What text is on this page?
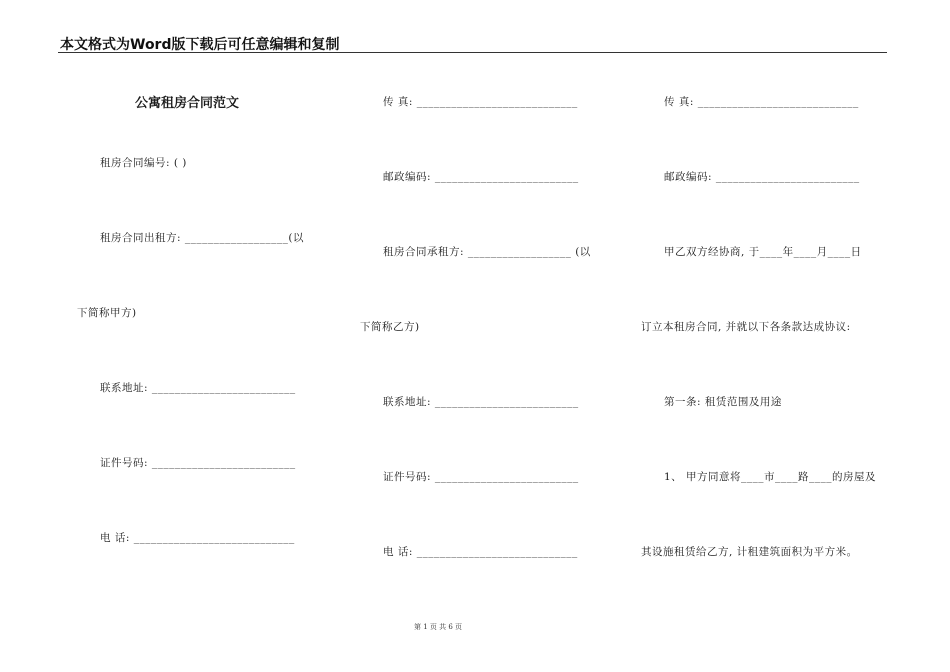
本文格式为Word版下载后可任意编辑和复制
公寓租房合同范文
租房合同编号: ( )
租房合同出租方: __________________(以
下简称甲方)
联系地址: _________________________
证件号码: _________________________
电 话: ____________________________
传 真: ____________________________
邮政编码: _________________________
租房合同承租方: __________________ (以
下简称乙方)
联系地址: _________________________
证件号码: _________________________
电 话: ____________________________
传 真: ____________________________
邮政编码: _________________________
甲乙双方经协商, 于____年____月____日
订立本租房合同, 并就以下各条款达成协议:
第一条: 租赁范围及用途
1、 甲方同意将____市____路____的房屋及
其设施租赁给乙方, 计租建筑面积为平方米。
第 1 页 共 6 页
